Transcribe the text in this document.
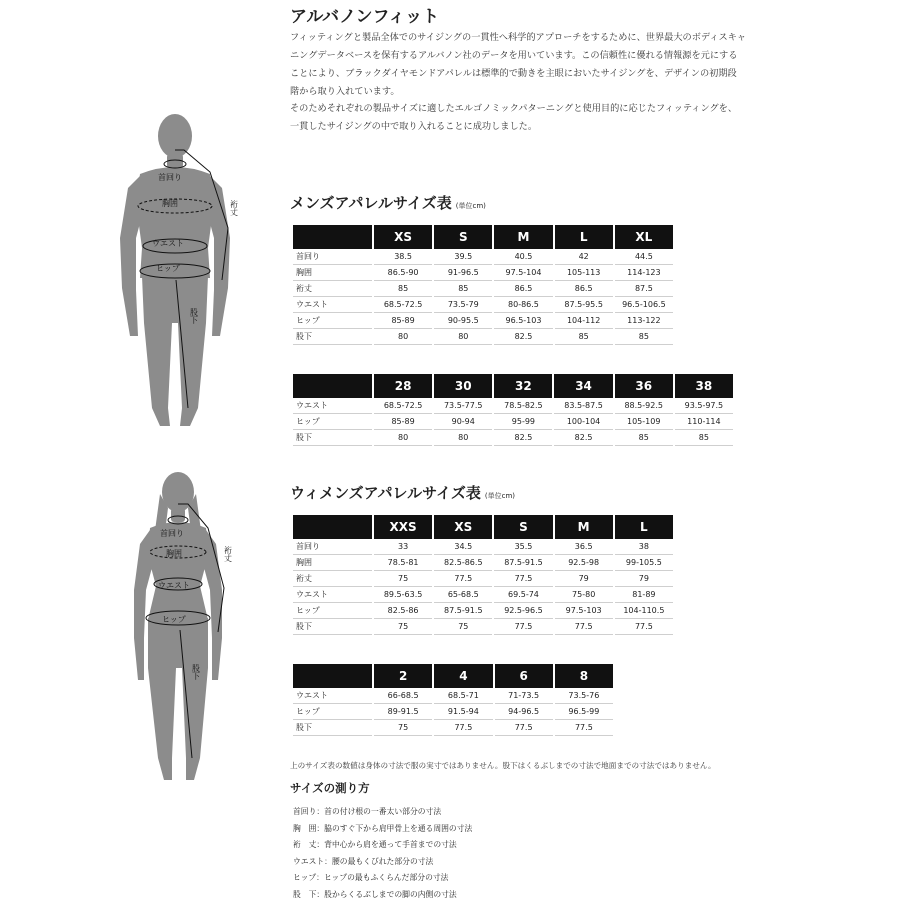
アルバノンフィット

フィッティングと製品全体でのサイジングの一貫性へ科学的アプローチをするために、世界最大のボディスキャ
ニングデータベースを保有するアルバノン社のデータを用いています。この信頼性に優れる情報源を元にする
ことにより、ブラックダイヤモンドアパレルは標準的で動きを主眼においたサイジングを、デザインの初期段
階から取り入れています。

そのためそれぞれの製品サイズに適したエルゴノミックパターニングと使用目的に応じたフィッティングを、
一貫したサイジングの中で取り入れることに成功しました。

首回り
胸囲
ウエスト
ヒップ
裄丈
股下
首回り
胸囲
ウエスト
ヒップ
裄丈
股下
メンズアパレルサイズ表 (単位cm)
	XS	S	M	L	XL
首回り	38.5	39.5	40.5	42	44.5
胸囲	86.5-90	91-96.5	97.5-104	105-113	114-123
裄丈	85	85	86.5	86.5	87.5
ウエスト	68.5-72.5	73.5-79	80-86.5	87.5-95.5	96.5-106.5
ヒップ	85-89	90-95.5	96.5-103	104-112	113-122
股下	80	80	82.5	85	85
	28	30	32	34	36	38
ウエスト	68.5-72.5	73.5-77.5	78.5-82.5	83.5-87.5	88.5-92.5	93.5-97.5
ヒップ	85-89	90-94	95-99	100-104	105-109	110-114
股下	80	80	82.5	82.5	85	85
ウィメンズアパレルサイズ表 (単位cm)
	XXS	XS	S	M	L
首回り	33	34.5	35.5	36.5	38
胸囲	78.5-81	82.5-86.5	87.5-91.5	92.5-98	99-105.5
裄丈	75	77.5	77.5	79	79
ウエスト	89.5-63.5	65-68.5	69.5-74	75-80	81-89
ヒップ	82.5-86	87.5-91.5	92.5-96.5	97.5-103	104-110.5
股下	75	75	77.5	77.5	77.5
	2	4	6	8
ウエスト	66-68.5	68.5-71	71-73.5	73.5-76
ヒップ	89-91.5	91.5-94	94-96.5	96.5-99
股下	75	77.5	77.5	77.5

上のサイズ表の数値は身体の寸法で服の実寸ではありません。股下はくるぶしまでの寸法で地面までの寸法ではありません。

サイズの測り方
首回り：首の付け根の一番太い部分の寸法
胸　囲：脇のすぐ下から肩甲骨上を通る周囲の寸法
裄　丈：背中心から肩を通って手首までの寸法
ウエスト：腰の最もくびれた部分の寸法
ヒップ：ヒップの最もふくらんだ部分の寸法
股　下：股からくるぶしまでの脚の内側の寸法
